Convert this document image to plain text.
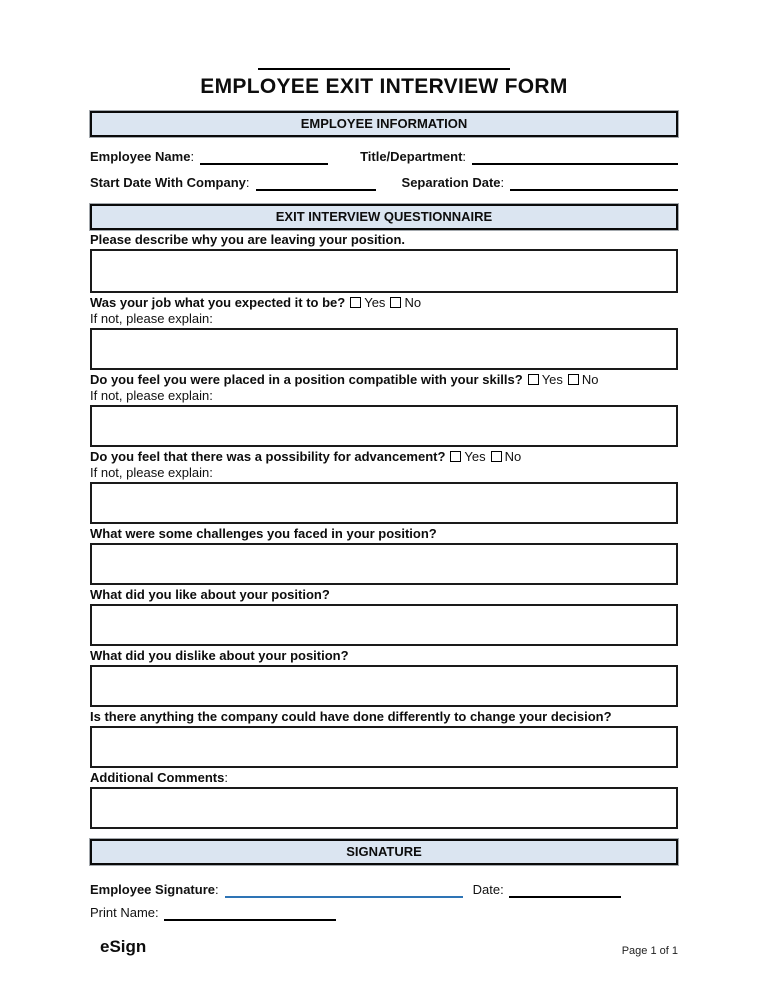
EMPLOYEE EXIT INTERVIEW FORM
EMPLOYEE INFORMATION
Employee Name:	Title/Department:
Start Date With Company:	Separation Date:
EXIT INTERVIEW QUESTIONNAIRE
Please describe why you are leaving your position.
Was your job what you expected it to be? Yes No
If not, please explain:
Do you feel you were placed in a position compatible with your skills? Yes No
If not, please explain:
Do you feel that there was a possibility for advancement? Yes No
If not, please explain:
What were some challenges you faced in your position?
What did you like about your position?
What did you dislike about your position?
Is there anything the company could have done differently to change your decision?
Additional Comments:
SIGNATURE
Employee Signature:	Date:
Print Name:
eSign	Page 1 of 1
